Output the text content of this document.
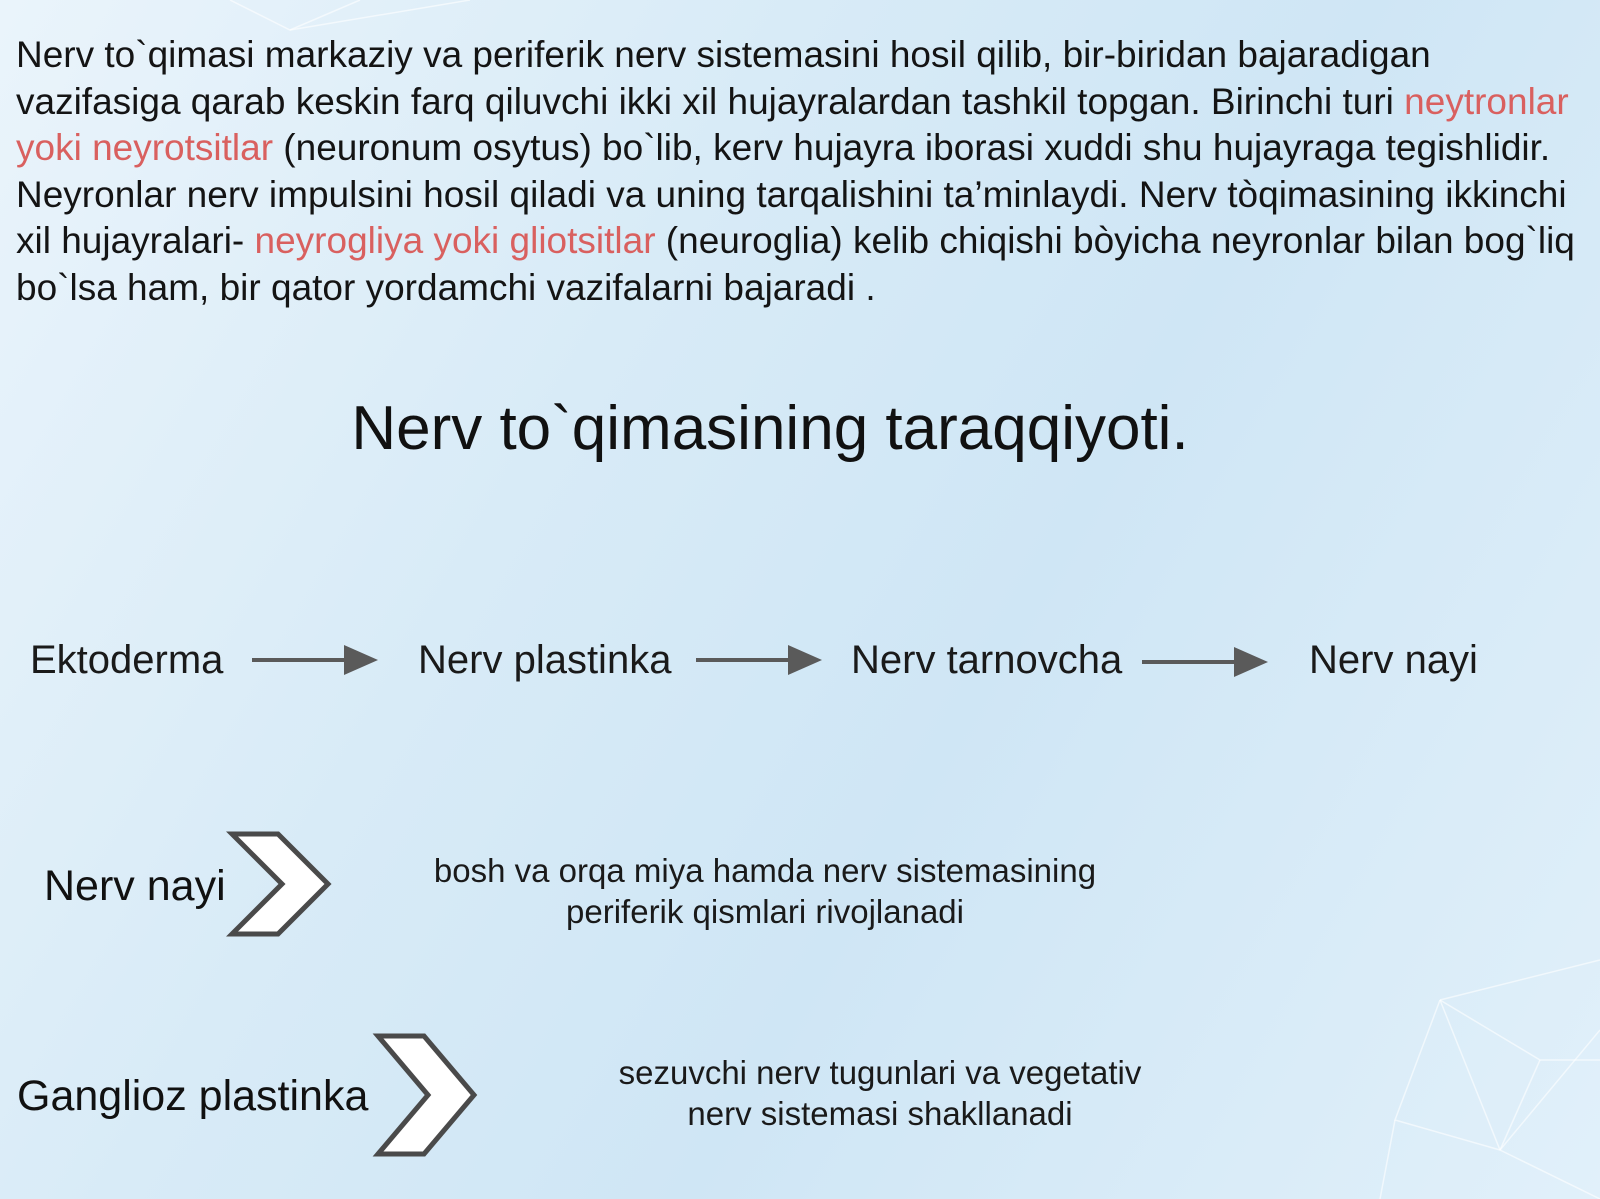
Nerv to`qimasi markaziy va periferik nerv sistemasini hosil qilib, bir-biridan bajaradigan vazifasiga qarab keskin farq qiluvchi ikki xil hujayralardan tashkil topgan. Birinchi turi neytronlar yoki neyrotsitlar (neuronum osytus) bo`lib, kerv hujayra iborasi xuddi shu hujayraga tegishlidir. Neyronlar nerv impulsini hosil qiladi va uning tarqalishini ta’minlaydi. Nerv tòqimasining ikkinchi xil hujayralari- neyrogliya yoki gliotsitlar (neuroglia) kelib chiqishi bòyicha neyronlar bilan bog`liq bo`lsa ham, bir qator yordamchi vazifalarni bajaradi .
Nerv to`qimasining taraqqiyoti.
Ektoderma	Nerv plastinka	Nerv tarnovcha	Nerv nayi
Nerv nayi	bosh va orqa miya hamda nerv sistemasining
periferik qismlari rivojlanadi
Ganglioz plastinka	sezuvchi nerv tugunlari va vegetativ
nerv sistemasi shakllanadi
